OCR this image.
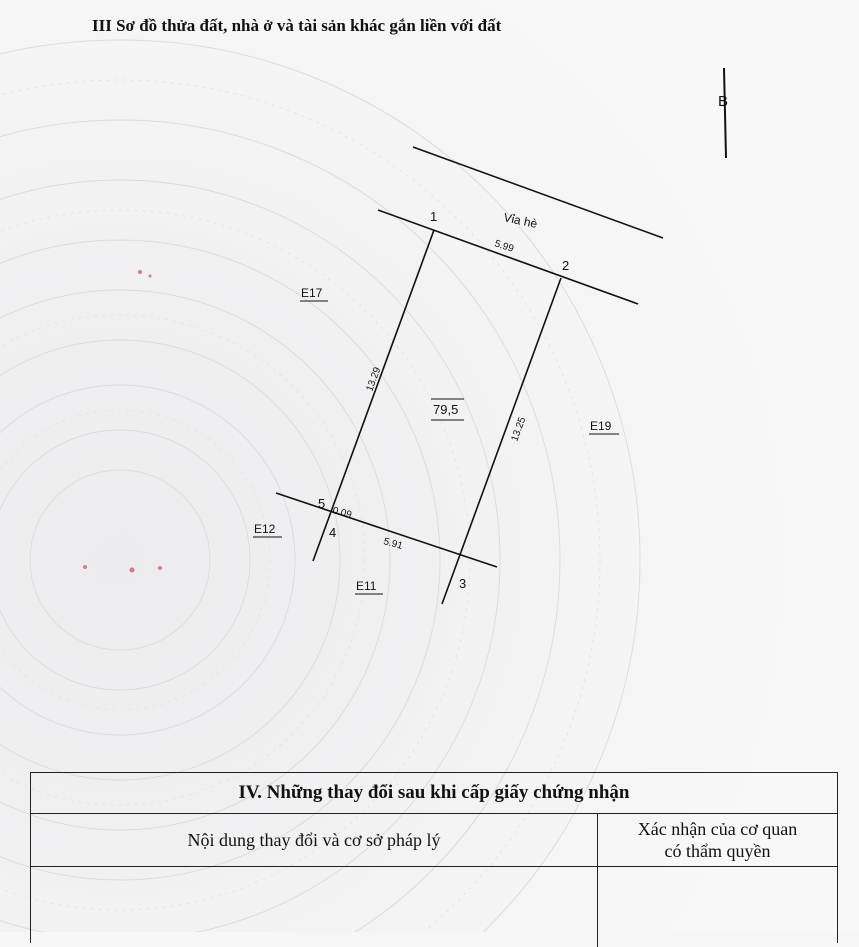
III Sơ đồ thửa đất, nhà ở và tài sản khác gắn liền với đất
B
Vỉa hè
1
2
3
4
5
5.99
13.29
13.25
0.09
5.91
79,5
E17
E19
E12
E11
IV. Những thay đổi sau khi cấp giấy chứng nhận
Nội dung thay đổi và cơ sở pháp lý
Xác nhận của cơ quan
có thẩm quyền
